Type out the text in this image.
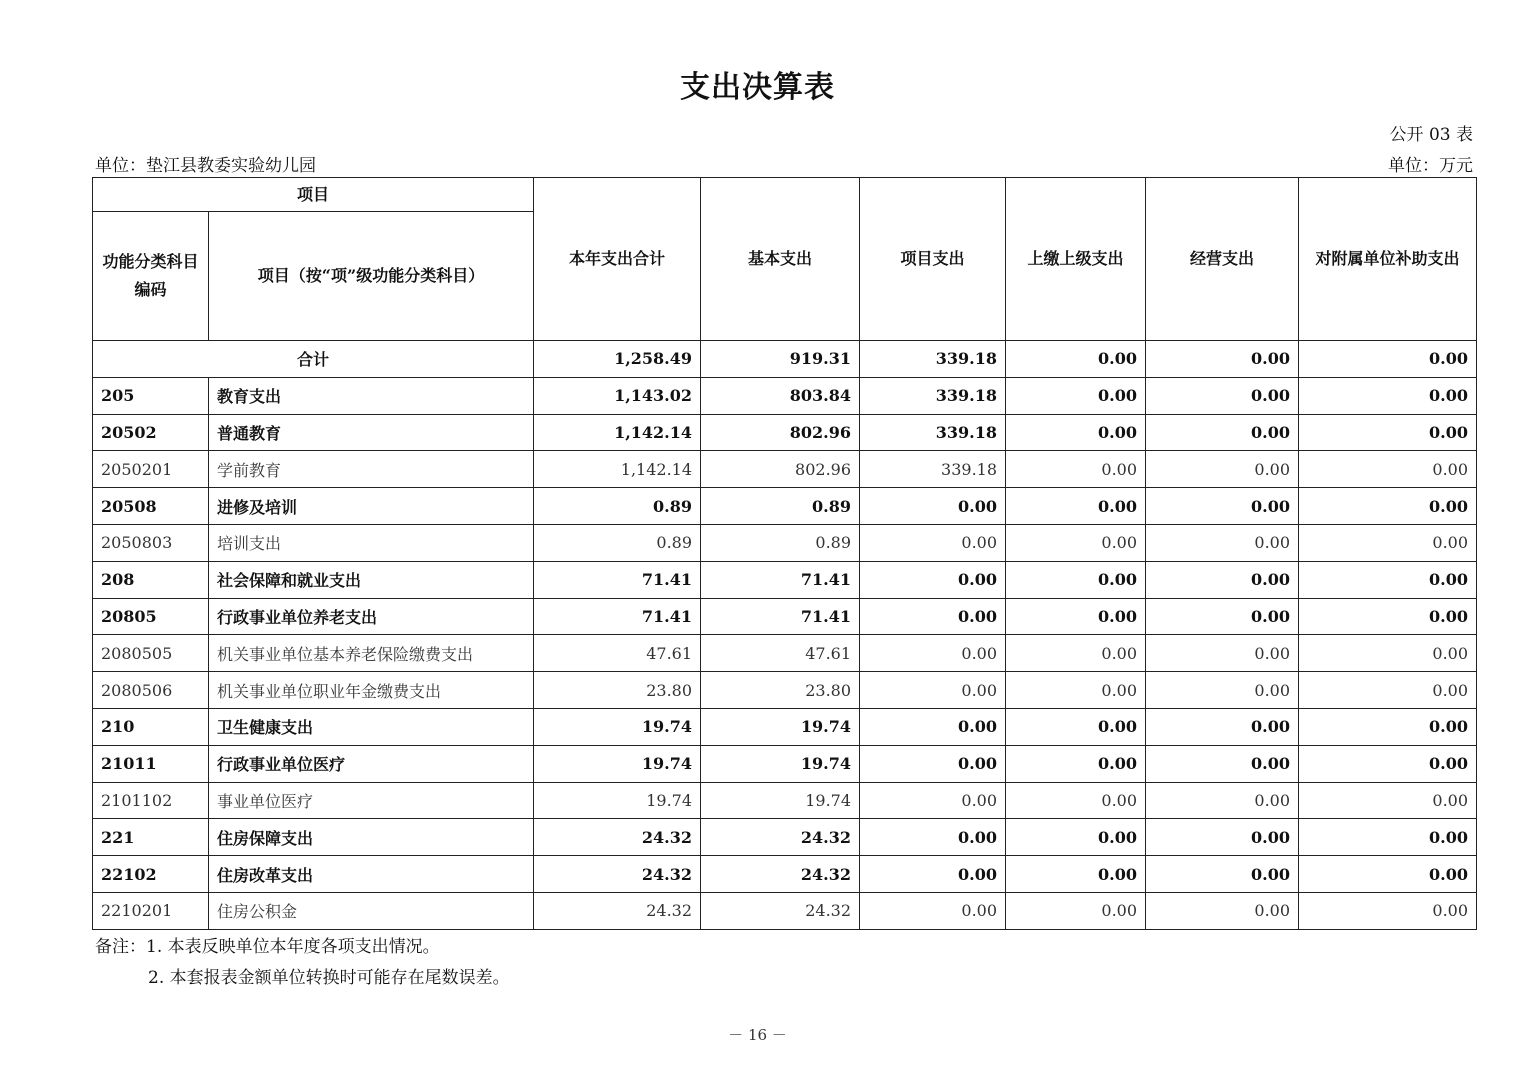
支出决算表
公开 03 表
单位：垫江县教委实验幼儿园	单位：万元
项目		本年支出合计	基本支出	项目支出	上缴上级支出	经营支出	对附属单位补助支出
功能分类科目编码	项目（按“项”级功能分类科目）						
合计		1,258.49	919.31	339.18	0.00	0.00	0.00
205	教育支出	1,143.02	803.84	339.18	0.00	0.00	0.00
20502	普通教育	1,142.14	802.96	339.18	0.00	0.00	0.00
2050201	学前教育	1,142.14	802.96	339.18	0.00	0.00	0.00
20508	进修及培训	0.89	0.89	0.00	0.00	0.00	0.00
2050803	培训支出	0.89	0.89	0.00	0.00	0.00	0.00
208	社会保障和就业支出	71.41	71.41	0.00	0.00	0.00	0.00
20805	行政事业单位养老支出	71.41	71.41	0.00	0.00	0.00	0.00
2080505	机关事业单位基本养老保险缴费支出	47.61	47.61	0.00	0.00	0.00	0.00
2080506	机关事业单位职业年金缴费支出	23.80	23.80	0.00	0.00	0.00	0.00
210	卫生健康支出	19.74	19.74	0.00	0.00	0.00	0.00
21011	行政事业单位医疗	19.74	19.74	0.00	0.00	0.00	0.00
2101102	事业单位医疗	19.74	19.74	0.00	0.00	0.00	0.00
221	住房保障支出	24.32	24.32	0.00	0.00	0.00	0.00
22102	住房改革支出	24.32	24.32	0.00	0.00	0.00	0.00
2210201	住房公积金	24.32	24.32	0.00	0.00	0.00	0.00
备注：1. 本表反映单位本年度各项支出情况。
2. 本套报表金额单位转换时可能存在尾数误差。
－ 16 －
